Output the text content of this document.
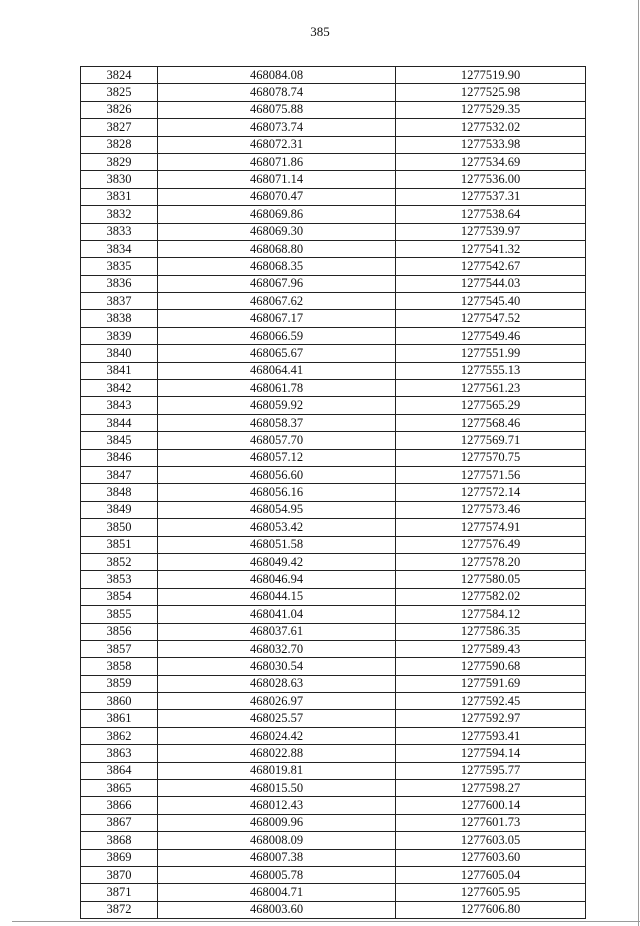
385
3824	468084.08	1277519.90
3825	468078.74	1277525.98
3826	468075.88	1277529.35
3827	468073.74	1277532.02
3828	468072.31	1277533.98
3829	468071.86	1277534.69
3830	468071.14	1277536.00
3831	468070.47	1277537.31
3832	468069.86	1277538.64
3833	468069.30	1277539.97
3834	468068.80	1277541.32
3835	468068.35	1277542.67
3836	468067.96	1277544.03
3837	468067.62	1277545.40
3838	468067.17	1277547.52
3839	468066.59	1277549.46
3840	468065.67	1277551.99
3841	468064.41	1277555.13
3842	468061.78	1277561.23
3843	468059.92	1277565.29
3844	468058.37	1277568.46
3845	468057.70	1277569.71
3846	468057.12	1277570.75
3847	468056.60	1277571.56
3848	468056.16	1277572.14
3849	468054.95	1277573.46
3850	468053.42	1277574.91
3851	468051.58	1277576.49
3852	468049.42	1277578.20
3853	468046.94	1277580.05
3854	468044.15	1277582.02
3855	468041.04	1277584.12
3856	468037.61	1277586.35
3857	468032.70	1277589.43
3858	468030.54	1277590.68
3859	468028.63	1277591.69
3860	468026.97	1277592.45
3861	468025.57	1277592.97
3862	468024.42	1277593.41
3863	468022.88	1277594.14
3864	468019.81	1277595.77
3865	468015.50	1277598.27
3866	468012.43	1277600.14
3867	468009.96	1277601.73
3868	468008.09	1277603.05
3869	468007.38	1277603.60
3870	468005.78	1277605.04
3871	468004.71	1277605.95
3872	468003.60	1277606.80
